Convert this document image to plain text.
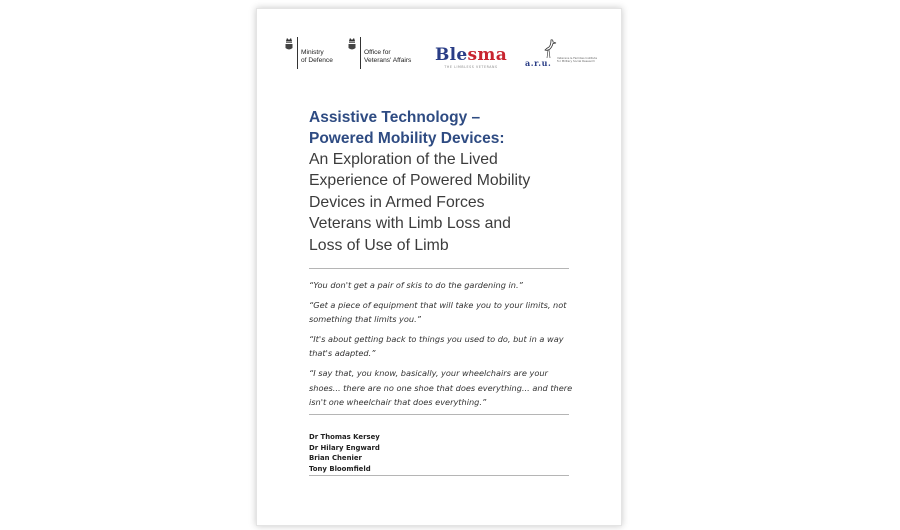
Ministry
of Defence
Office for
Veterans' Affairs Blesma
THE LIMBLESS VETERANS	a.r.u. Veterans & Families Institute for Military Social Research
Assistive Technology –
Powered Mobility Devices:
An Exploration of the Lived
Experience of Powered Mobility
Devices in Armed Forces
Veterans with Limb Loss and
Loss of Use of Limb
“You don't get a pair of skis to do the gardening in.”
“Get a piece of equipment that will take you to your limits, not something that limits you.”
“It's about getting back to things you used to do, but in a way that's adapted.”
“I say that, you know, basically, your wheelchairs are your shoes... there are no one shoe that does everything... and there isn't one wheelchair that does everything.”
Dr Thomas Kersey
Dr Hilary Engward
Brian Chenier
Tony Bloomfield
